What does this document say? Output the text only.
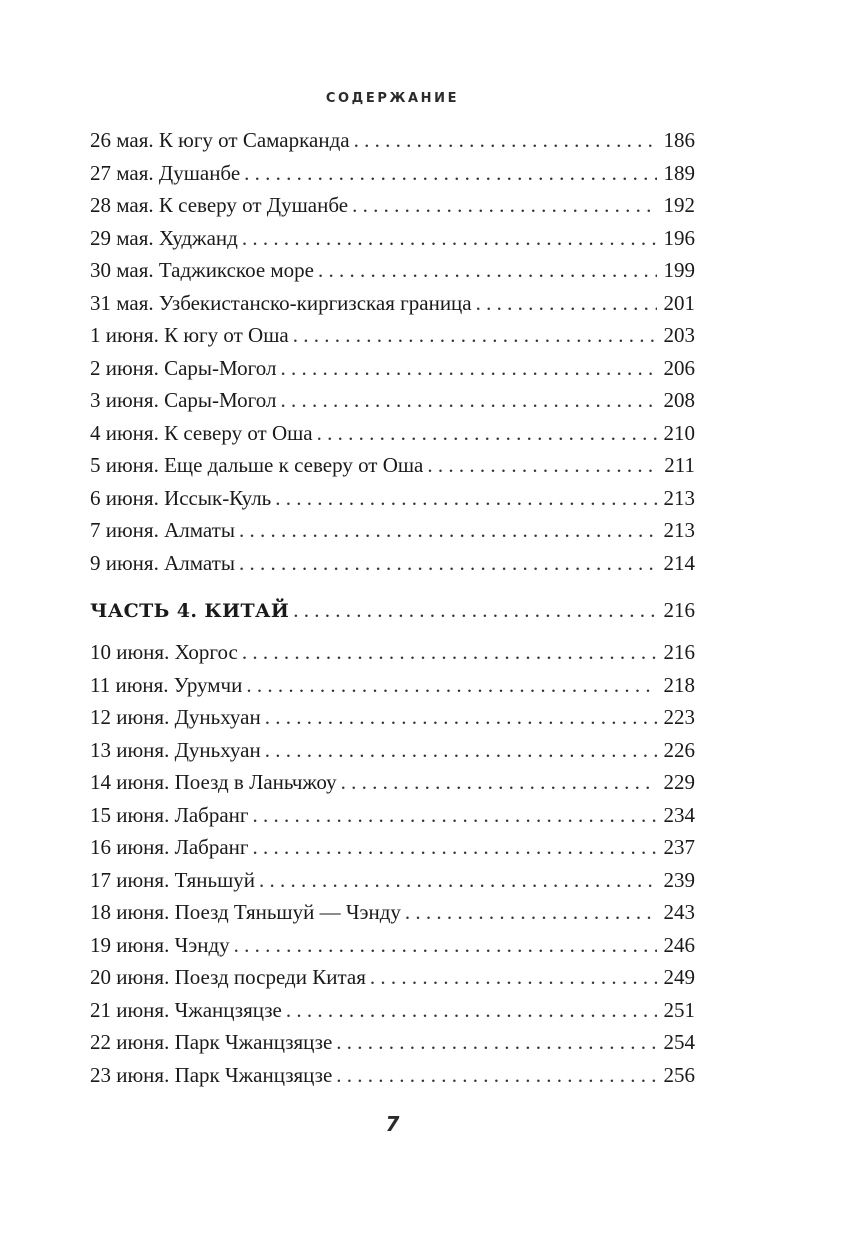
СОДЕРЖАНИЕ
26 мая. К югу от Самарканда . . .	186
27 мая. Душанбе . . .	189
28 мая. К северу от Душанбе . . .	192
29 мая. Худжанд . . .	196
30 мая. Таджикское море . . .	199
31 мая. Узбекистанско-киргизская граница . . .	201
1 июня. К югу от Оша . . .	203
2 июня. Сары-Могол . . .	206
3 июня. Сары-Могол . . .	208
4 июня. К северу от Оша . . .	210
5 июня. Еще дальше к северу от Оша . . .	211
6 июня. Иссык-Куль . . .	213
7 июня. Алматы . . .	213
9 июня. Алматы . . .	214
ЧАСТЬ 4. КИТАЙ . . .	216
10 июня. Хоргос . . .	216
11 июня. Урумчи . . .	218
12 июня. Дуньхуан . . .	223
13 июня. Дуньхуан . . .	226
14 июня. Поезд в Ланьчжоу . . .	229
15 июня. Лабранг . . .	234
16 июня. Лабранг . . .	237
17 июня. Тяньшуй . . .	239
18 июня. Поезд Тяньшуй — Чэнду . . .	243
19 июня. Чэнду . . .	246
20 июня. Поезд посреди Китая . . .	249
21 июня. Чжанцзяцзе . . .	251
22 июня. Парк Чжанцзяцзе . . .	254
23 июня. Парк Чжанцзяцзе . . .	256
7
